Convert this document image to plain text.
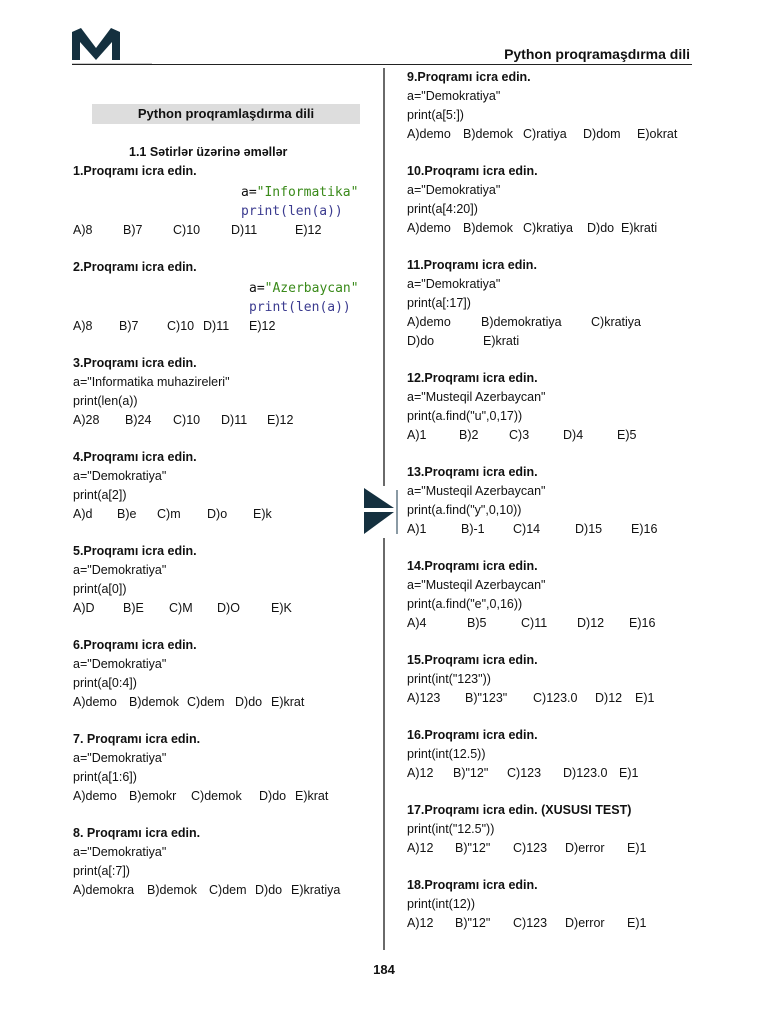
Python proqramaşdırma dili
Python proqramlaşdırma dili
1.1 Sətirlər üzərinə əməllər
1.Proqramı icra edin.
a="Informatika"
print(len(a))
A)8	B)7	C)10	D)11	E)12
2.Proqramı icra edin.
a="Azerbaycan"
print(len(a))
A)8	B)7	C)10 D)11	E)12
3.Proqramı icra edin.
a="Informatika muhazireleri"
print(len(a))
A)28	B)24	C)10	D)11	E)12
4.Proqramı icra edin.
a="Demokratiya"
print(a[2])
A)d	B)e	C)m	D)o	E)k
5.Proqramı icra edin.
a="Demokratiya"
print(a[0])
A)D	B)E	C)M	D)O	E)K
6.Proqramı icra edin.
a="Demokratiya"
print(a[0:4])
A)demo B)demok C)dem D)do E)krat
7. Proqramı icra edin.
a="Demokratiya"
print(a[1:6])
A)demo B)emokr	C)demok	D)do E)krat
8. Proqramı icra edin.
a="Demokratiya"
print(a[:7])
A)demokra	B)demok C)dem D)do E)kratiya
9.Proqramı icra edin.
a="Demokratiya"
print(a[5:])
A)demo B)demok C)ratiya	D)dom	E)okrat
10.Proqramı icra edin.
a="Demokratiya"
print(a[4:20])
A)demo B)demok C)kratiya	D)do E)krati
11.Proqramı icra edin.
a="Demokratiya"
print(a[:17])
A)demo	B)demokratiya	C)kratiya
D)do	E)krati
12.Proqramı icra edin.
a="Musteqil Azerbaycan"
print(a.find("u",0,17))
A)1	B)2	C)3	D)4	E)5
13.Proqramı icra edin.
a="Musteqil Azerbaycan"
print(a.find("y",0,10))
A)1	B)-1	C)14	D)15	E)16
14.Proqramı icra edin.
a="Musteqil Azerbaycan"
print(a.find("e",0,16))
A)4	B)5	C)11	D)12	E)16
15.Proqramı icra edin.
print(int("123"))
A)123	B)"123"	C)123.0	D)12	E)1
16.Proqramı icra edin.
print(int(12.5))
A)12	B)"12"	C)123	D)123.0 E)1
17.Proqramı icra edin. (XUSUSI TEST)
print(int("12.5"))
A)12	B)"12"	C)123	D)error	E)1
18.Proqramı icra edin.
print(int(12))
A)12	B)"12"	C)123	D)error	E)1
184
